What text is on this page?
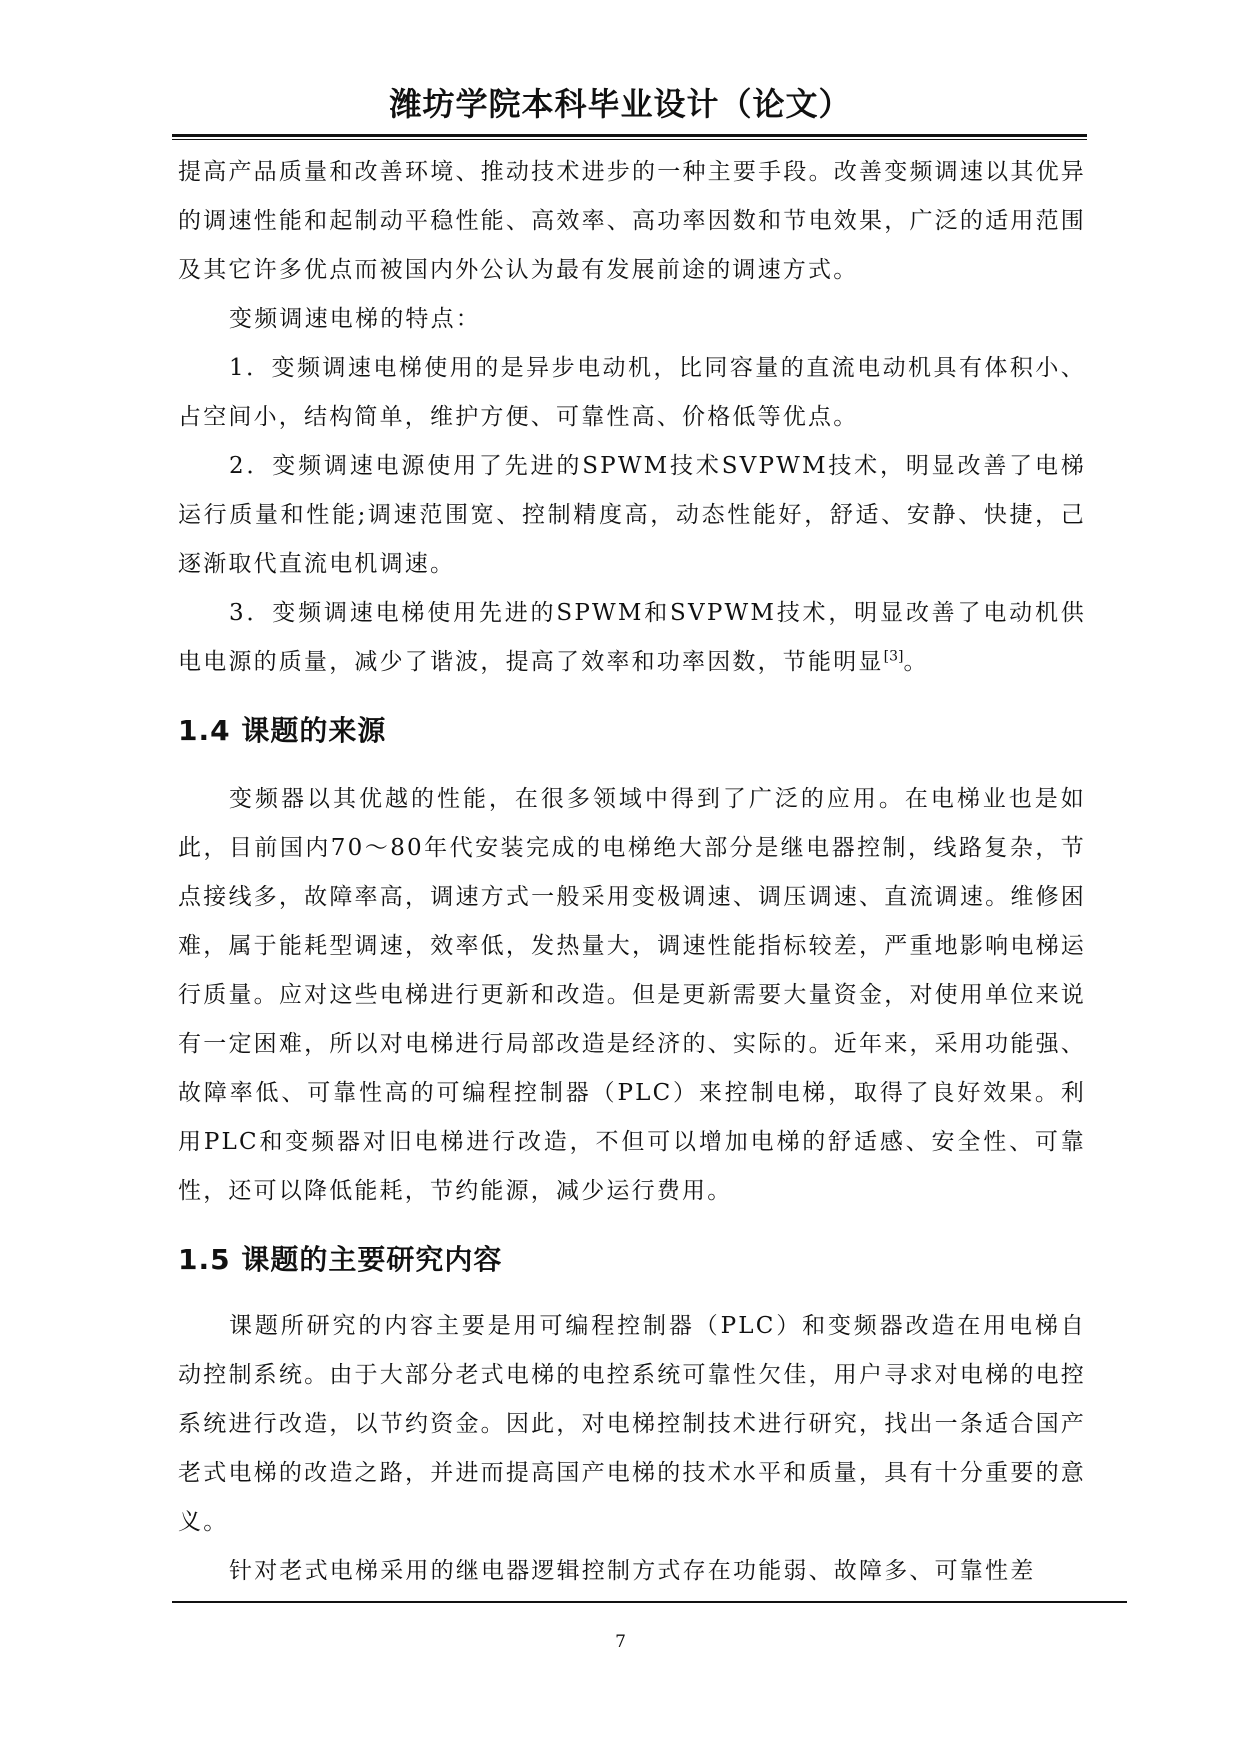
潍坊学院本科毕业设计（论文）

提高产品质量和改善环境、推动技术进步的一种主要手段。改善变频调速以其优异的调速性能和起制动平稳性能、高效率、高功率因数和节电效果，广泛的适用范围及其它许多优点而被国内外公认为最有发展前途的调速方式。

变频调速电梯的特点：

1．变频调速电梯使用的是异步电动机，比同容量的直流电动机具有体积小、占空间小，结构简单，维护方便、可靠性高、价格低等优点。

2．变频调速电源使用了先进的SPWM技术SVPWM技术，明显改善了电梯运行质量和性能;调速范围宽、控制精度高，动态性能好，舒适、安静、快捷，己逐渐取代直流电机调速。

3．变频调速电梯使用先进的SPWM和SVPWM技术，明显改善了电动机供电电源的质量，减少了谐波，提高了效率和功率因数，节能明显[3]。

1.4 课题的来源

变频器以其优越的性能，在很多领域中得到了广泛的应用。在电梯业也是如此，目前国内70～80年代安装完成的电梯绝大部分是继电器控制，线路复杂，节点接线多，故障率高，调速方式一般采用变极调速、调压调速、直流调速。维修困难，属于能耗型调速，效率低，发热量大，调速性能指标较差，严重地影响电梯运行质量。应对这些电梯进行更新和改造。但是更新需要大量资金，对使用单位来说有一定困难，所以对电梯进行局部改造是经济的、实际的。近年来，采用功能强、故障率低、可靠性高的可编程控制器（PLC）来控制电梯，取得了良好效果。利用PLC和变频器对旧电梯进行改造，不但可以增加电梯的舒适感、安全性、可靠性，还可以降低能耗，节约能源，减少运行费用。

1.5 课题的主要研究内容

课题所研究的内容主要是用可编程控制器（PLC）和变频器改造在用电梯自动控制系统。由于大部分老式电梯的电控系统可靠性欠佳，用户寻求对电梯的电控系统进行改造，以节约资金。因此，对电梯控制技术进行研究，找出一条适合国产老式电梯的改造之路，并进而提高国产电梯的技术水平和质量，具有十分重要的意义。

针对老式电梯采用的继电器逻辑控制方式存在功能弱、故障多、可靠性差

7
